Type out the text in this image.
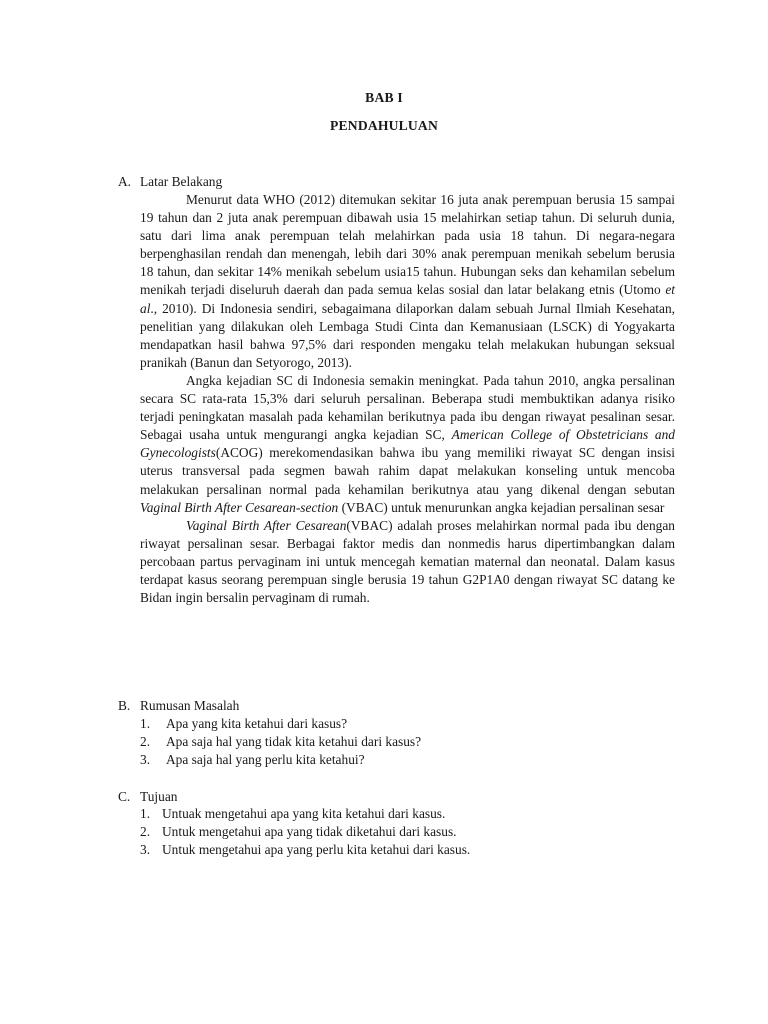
BAB I
PENDAHULUAN
A. Latar Belakang

Menurut data WHO (2012) ditemukan sekitar 16 juta anak perempuan berusia 15 sampai 19 tahun dan 2 juta anak perempuan dibawah usia 15 melahirkan setiap tahun. Di seluruh dunia, satu dari lima anak perempuan telah melahirkan pada usia 18 tahun. Di negara-negara berpenghasilan rendah dan menengah, lebih dari 30% anak perempuan menikah sebelum berusia 18 tahun, dan sekitar 14% menikah sebelum usia15 tahun. Hubungan seks dan kehamilan sebelum menikah terjadi diseluruh daerah dan pada semua kelas sosial dan latar belakang etnis (Utomo et al., 2010). Di Indonesia sendiri, sebagaimana dilaporkan dalam sebuah Jurnal Ilmiah Kesehatan, penelitian yang dilakukan oleh Lembaga Studi Cinta dan Kemanusiaan (LSCK) di Yogyakarta mendapatkan hasil bahwa 97,5% dari responden mengaku telah melakukan hubungan seksual pranikah (Banun dan Setyorogo, 2013).

Angka kejadian SC di Indonesia semakin meningkat. Pada tahun 2010, angka persalinan secara SC rata-rata 15,3% dari seluruh persalinan. Beberapa studi membuktikan adanya risiko terjadi peningkatan masalah pada kehamilan berikutnya pada ibu dengan riwayat pesalinan sesar. Sebagai usaha untuk mengurangi angka kejadian SC, American College of Obstetricians and Gynecologists(ACOG) merekomendasikan bahwa ibu yang memiliki riwayat SC dengan insisi uterus transversal pada segmen bawah rahim dapat melakukan konseling untuk mencoba melakukan persalinan normal pada kehamilan berikutnya atau yang dikenal dengan sebutan Vaginal Birth After Cesarean-section (VBAC) untuk menurunkan angka kejadian persalinan sesar

Vaginal Birth After Cesarean(VBAC) adalah proses melahirkan normal pada ibu dengan riwayat persalinan sesar. Berbagai faktor medis dan nonmedis harus dipertimbangkan dalam percobaan partus pervaginam ini untuk mencegah kematian maternal dan neonatal. Dalam kasus terdapat kasus seorang perempuan single berusia 19 tahun G2P1A0 dengan riwayat SC datang ke Bidan ingin bersalin pervaginam di rumah.

B. Rumusan Masalah
1. Apa yang kita ketahui dari kasus?
2. Apa saja hal yang tidak kita ketahui dari kasus?
3. Apa saja hal yang perlu kita ketahui?
C. Tujuan
1. Untuak mengetahui apa yang kita ketahui dari kasus.
2. Untuk mengetahui apa yang tidak diketahui dari kasus.
3. Untuk mengetahui apa yang perlu kita ketahui dari kasus.
